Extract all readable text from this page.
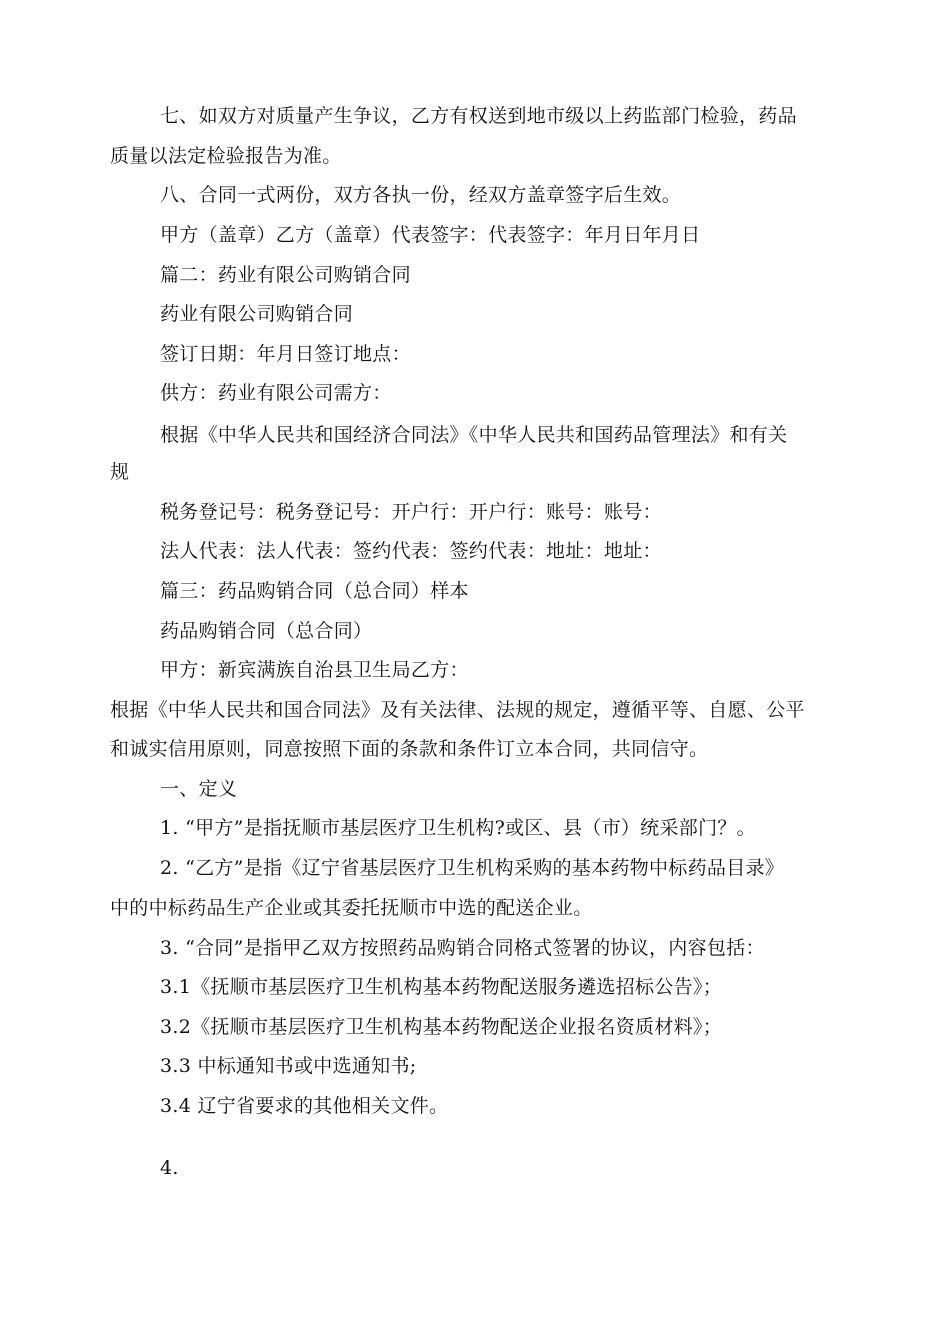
七、如双方对质量产生争议，乙方有权送到地市级以上药监部门检验，药品
质量以法定检验报告为准。
八、合同一式两份，双方各执一份，经双方盖章签字后生效。
甲方（盖章）乙方（盖章）代表签字：代表签字：年月日年月日
篇二：药业有限公司购销合同
药业有限公司购销合同
签订日期：年月日签订地点：
供方：药业有限公司需方：
根据《中华人民共和国经济合同法》《中华人民共和国药品管理法》和有关
规
税务登记号：税务登记号：开户行：开户行：账号：账号：
法人代表：法人代表：签约代表：签约代表：地址：地址：
篇三：药品购销合同（总合同）样本
药品购销合同（总合同）
甲方：新宾满族自治县卫生局乙方：
根据《中华人民共和国合同法》及有关法律、法规的规定，遵循平等、自愿、公平
和诚实信用原则，同意按照下面的条款和条件订立本合同，共同信守。
一、定义
1. “甲方”是指抚顺市基层医疗卫生机构?或区、县（市）统采部门？。
2. “乙方”是指《辽宁省基层医疗卫生机构采购的基本药物中标药品目录》
中的中标药品生产企业或其委托抚顺市中选的配送企业。
3. “合同”是指甲乙双方按照药品购销合同格式签署的协议，内容包括：
3.1《抚顺市基层医疗卫生机构基本药物配送服务遴选招标公告》；
3.2《抚顺市基层医疗卫生机构基本药物配送企业报名资质材料》；
3.3 中标通知书或中选通知书;
3.4 辽宁省要求的其他相关文件。
4.
